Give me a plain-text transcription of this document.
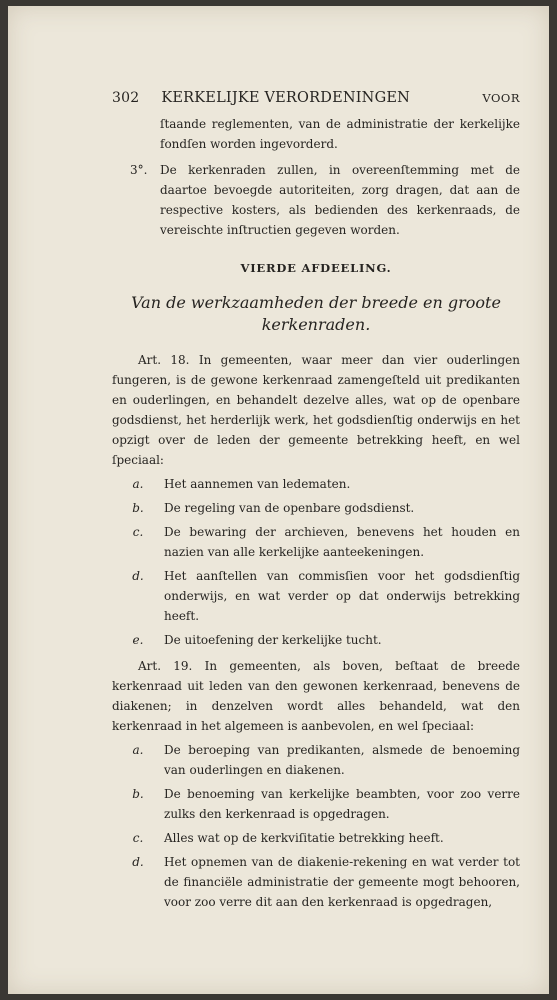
302 KERKELIJKE VERORDENINGEN	VOOR

ſtaande reglementen, van de administratie der kerkelijke fondſen worden ingevorderd.

3°.	De kerkenraden zullen, in overeenſtemming met de daartoe bevoegde autoriteiten, zorg dragen, dat aan de respective kosters, als bedienden des kerkenraads, de vereischte inſtructien gegeven worden.
VIERDE AFDEELING.
Van de werkzaamheden der breede en groote
kerkenraden.

Art. 18. In gemeenten, waar meer dan vier ouderlingen fungeren, is de gewone kerkenraad zamengeſteld uit predikanten en ouderlingen, en behandelt dezelve alles, wat op de openbare godsdienst, het herderlijk werk, het godsdienſtig onderwijs en het opzigt over de leden der gemeente betrekking heeft, en wel ſpeciaal:

a.	Het aannemen van ledematen.
b.	De regeling van de openbare godsdienst.
c.	De bewaring der archieven, benevens het houden en nazien van alle kerkelijke aanteekeningen.
d.	Het aanſtellen van commisſien voor het godsdienſtig onderwijs, en wat verder op dat onderwijs betrekking heeft.
e.	De uitoefening der kerkelijke tucht.

Art. 19. In gemeenten, als boven, beſtaat de breede kerkenraad uit leden van den gewonen kerkenraad, benevens de diakenen; in denzelven wordt alles behandeld, wat den kerkenraad in het algemeen is aanbevolen, en wel ſpeciaal:

a.	De beroeping van predikanten, alsmede de benoeming van ouderlingen en diakenen.
b.	De benoeming van kerkelijke beambten, voor zoo verre zulks den kerkenraad is opgedragen.
c.	Alles wat op de kerkviſitatie betrekking heeft.
d.	Het opnemen van de diakenie-rekening en wat verder tot de financiële administratie der gemeente mogt behooren, voor zoo verre dit aan den kerkenraad is opgedragen,
